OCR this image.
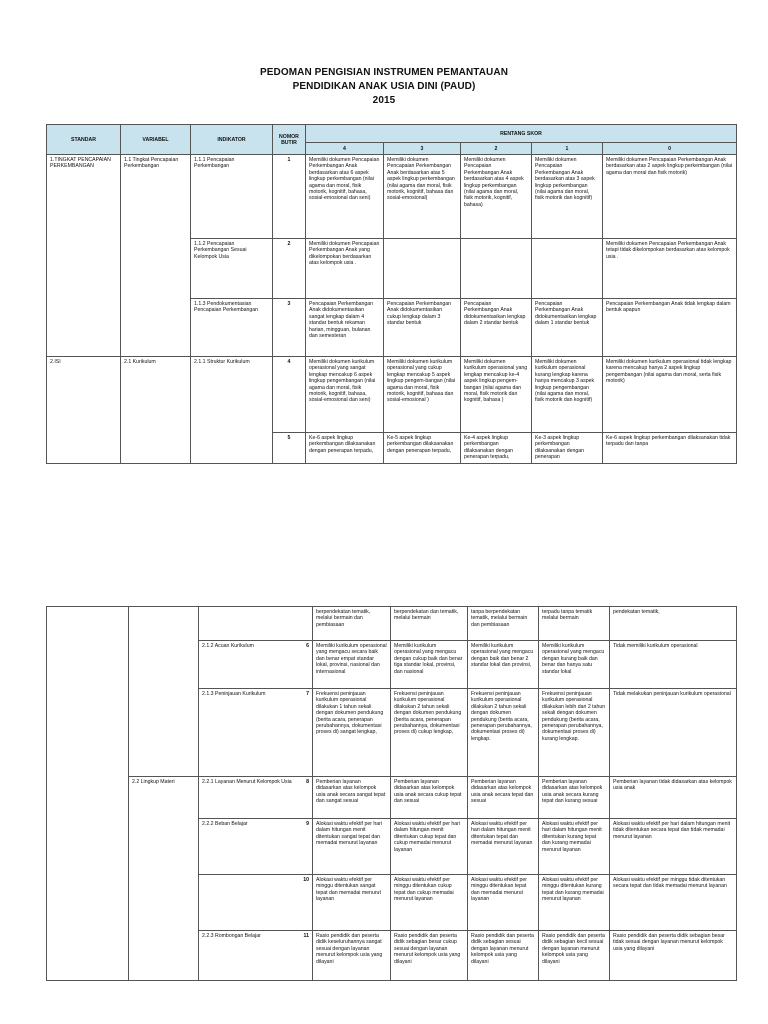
PEDOMAN PENGISIAN INSTRUMEN PEMANTAUAN
PENDIDIKAN ANAK USIA DINI (PAUD)
2015
STANDAR	VARIABEL	INDIKATOR	NOMOR BUTIR	RENTANG SKOR				
				4	3	2	1	0
1.TINGKAT PENCAPAIAN PERKEMBANGAN	1.1 Tingkat Pencapaian Perkembangan	1.1.1 Pencapaian Perkembangan	1	Memiliki dokumen Pencapaian Perkembangan Anak berdasarkan atas 6 aspek lingkup perkembangan (nilai agama dan moral, fisik motorik, kognitif, bahasa, sosial-emosional dan seni)	Memiliki dokumen Pencapaian Perkembangan Anak berdasarkan atas 5 aspek lingkup perkembangan (nilai agama dan moral, fisik motorik, kognitif, bahasa dan sosial-emosional)	Memiliki dokumen Pencapaian Perkembangan Anak berdasarkan atas 4 aspek lingkup perkembangan (nilai agama dan moral, fisik motorik, kognitif, bahasa)	Memiliki dokumen Pencapaian Perkembangan Anak berdasarkan atas 3 aspek lingkup perkembangan (nilai agama dan moral, fisik motorik dan kognitif)	Memiliki dokumen Pencapaian Perkembangan Anak berdasarkan atas 2 aspek lingkup perkembangan (nilai agama dan moral dan fisik motorik)
		1.1.2 Pencapaian Perkembangan Sesuai Kelompok Usia	2	Memiliki dokumen Pencapaian Perkembangan Anak yang dikelompokan berdasarkan atas kelompok usia .				Memiliki dokumen Pencapaian Perkembangan Anak tetapi tidak dikelompokan berdasarkan atas kelompok usia .
		1.1.3 Pendokumentasian Pencapaian Perkembangan	3	Pencapaian Perkembangan Anak didokumentasikan sangat lengkap dalam 4 standar bentuk rekaman harian, mingguan, bulanan dan semesteran	Pencapaian Perkembangan Anak didokumentasikan cukup lengkap dalam 3 standar bentuk	Pencapaian Perkembangan Anak didokumentasikan lengkap dalam 2 standar bentuk	Pencapaian Perkembangan Anak didokumentasikan lengkap dalam 1 standar bentuk	Pencapaian Perkembangan Anak tidak lengkap dalam bentuk apapun
2.ISI	2.1 Kurikulum	2.1.1 Struktur Kurikulum	4	Memiliki dokumen kurikulum operasional yang sangat lengkap mencakup 6 aspek lingkup pengembangan (nilai agama dan moral, fisik motorik, kognitif, bahasa, sosial-emosional dan seni)	Memiliki dokumen kurikulum operasional yang cukup lengkap mencakup 5 aspek lingkup pengem-bangan (nilai agama dan moral, fisik motorik, kognitif, bahasa dan sosial-emosional )	Memiliki dokumen kurikulum operasional yang lengkap mencakup ke-4 aspek lingkup pengem-bangan (nilai agama dan moral, fisik motorik dan kognitif, bahasa )	Memiliki dokumen kurikulum operasional kurang lengkap karena hanya mencakup 3 aspek lingkup pengembangan (nilai agama dan moral, fisik motorik dan kognitif)	Memiliki dokumen kurikulum operasional tidak lengkap karena mencakup hanya 2 aspek lingkup pengembangan (nilai agama dan moral, serta fisik motorik)
			5	Ke-6 aspek lingkup perkembangan dilaksanakan dengan penerapan terpadu,	Ke-5 aspek lingkup perkembangan dilaksanakan dengan penerapan terpadu,	Ke-4 aspek lingkup perkembangan dilaksanakan dengan penerapan terpadu,	Ke-3 aspek lingkup perkembangan dilaksanakan dengan penerapan	Ke-6 aspek lingkup perkembangan dilaksanakan tidak terpadu dan tanpa
			berpendekatan tematik, melalui bermain dan pembiasaan	berpendekatan dan tematik, melalui bermain	tanpa berpendekatan tematik, melalui bermain dan pembiasaan	terpadu tanpa tematik melalui bermain	pendekatan tematik,
		2.1.2 Acuan Kurikulum 6	Memiliki kurikulum operasional yang mengacu secara baik dan benar empat standar lokal, provinsi, nasional dan internasional	Memiliki kurikulum operasional yang mengacu dengan cukup baik dan benar tiga standar lokal, provinsi, dan nasional	Memiliki kurikulum operasional yang mengacu dengan baik dan benar 2 standar lokal dan provinsi,	Memiliki kurikulum operasional yang mengacu dengan kurang baik dan benar dan hanya satu standar lokal	Tidak memiliki kurikulum operasional
		2.1.3 Peninjauan Kurikulum 7	Frekuensi peninjauan kurikulum operasional dilakukan 1 tahun sekali dengan dokumen pendukung (berita acara, penerapan perubahannya, dokumentasi proses di) sangat lengkap,	Frekuensi peninjauan kurikulum operasional dilakukan 2 tahun sekali dengan dokumen pendukung (berita acara, penerapan perubahannya, dokumentasi proses di) cukup lengkap,	Frekuensi peninjauan kurikulum operasional dilakukan 2 tahun sekali dengan dokumen pendukung (berita acara, penerapan perubahannya, dokumentasi proses di) lengkap.	Frekuensi peninjauan kurikulum operasional dilakukan lebih dari 2 tahun sekali dengan dokumen pendukung (berita acara, penerapan perubahannya, dokumentasi proses di) kurang lengkap.	Tidak melakukan peninjauan kurikulum operasional
	2.2 Lingkup Materi	2.2.1 Layanan Menurut Kelompok Usia 8	Pemberian layanan didasarkan atas kelompok usia anak secara sangat tepat dan sangat sesuai	Pemberian layanan didasarkan atas kelompok usia anak secara cukup tepat dan sesuai	Pemberian layanan didasarkan atas kelompok usia anak secara tepat dan sesuai	Pemberian layanan didasarkan atas kelompok usia anak secara kurang tepat dan kurang sesuai	Pemberian layanan tidak didasarkan atas kelompok usia anak
		2.2.2 Beban Belajar 9	Alokasi waktu efektif per hari dalam hitungan menit ditentukan sangat tepat dan memadai menurut layanan	Alokasi waktu efektif per hari dalam hitungan menit ditentukan cukup tepat dan cukup memadai menurut layanan	Alokasi waktu efektif per hari dalam hitungan menit ditentukan tepat dan memadai menurut layanan	Alokasi waktu efektif per hari dalam hitungan menit ditentukan kurang tepat dan kurang memadai menurut layanan	Alokasi waktu efektif per hari dalam hitungan menit tidak ditentukan secara tepat dan tidak memadai menurut layanan

		10	Alokasi waktu efektif per minggu ditentukan sangat tepat dan memadai menurut layanan	Alokasi waktu efektif per minggu ditentukan cukup tepat dan cukup memadai menurut layanan	Alokasi waktu efektif per minggu ditentukan tepat dan memadai menurut layanan	Alokasi waktu efektif per minggu ditentukan kurang tepat dan kurang memadai menurut layanan	Alokasi waktu efektif per minggu tidak ditentukan secara tepat dan tidak memadai menurut layanan
		2.2.3 Rombongan Belajar 11	Rasio pendidik dan peserta didik keseluruhannya sangat sesuai dengan layanan menurut kelompok usia yang dilayani	Rasio pendidik dan peserta didik sebagian besar cukup sesuai dengan layanan menurut kelompok usia yang dilayani	Rasio pendidik dan peserta didik sebagian sesuai dengan layanan menurut kelompok usia yang dilayani	Rasio pendidik dan peserta didik sebagian kecil sesuai dengan layanan menurut kelompok usia yang dilayani	Rasio pendidik dan peserta didik sebagian besar tidak sesuai dengan layanan menurut kelompok usia yang dilayani
